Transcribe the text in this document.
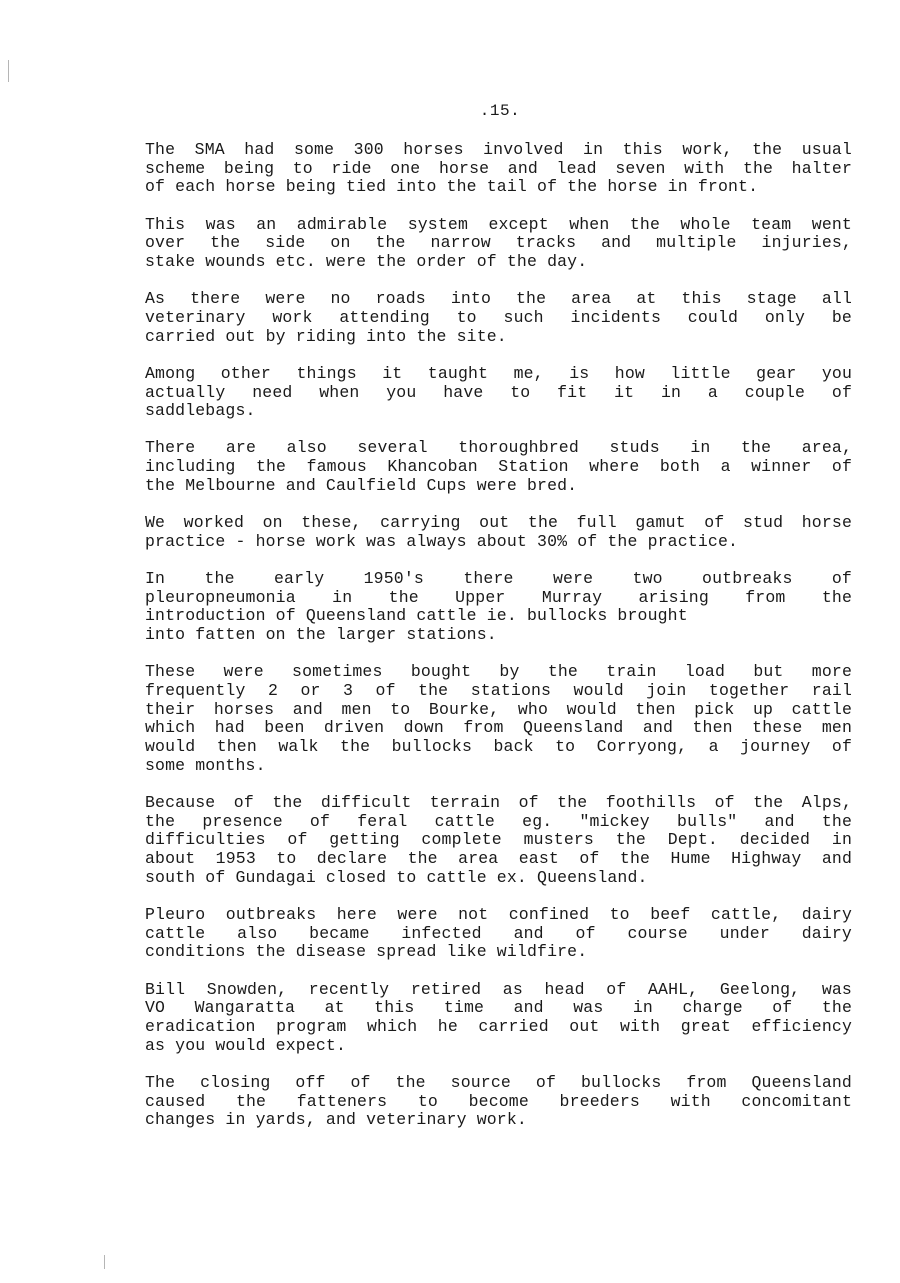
.15.

The SMA had some 300 horses involved in this work, the usual
scheme being to ride one horse and lead seven with the halter
of each horse being tied into the tail of the horse in front.

This was an admirable system except when the whole team went
over the side on the narrow tracks and multiple injuries,
stake wounds etc. were the order of the day.

As there were no roads into the area at this stage all
veterinary work attending to such incidents could only be
carried out by riding into the site.

Among other things it taught me, is how little gear you
actually need when you have to fit it in a couple of
saddlebags.

There are also several thoroughbred studs in the area,
including the famous Khancoban Station where both a winner of
the Melbourne and Caulfield Cups were bred.

We worked on these, carrying out the full gamut of stud horse
practice - horse work was always about 30% of the practice.

In the early 1950's there were two outbreaks of
pleuropneumonia in the Upper Murray arising from the
introduction of Queensland cattle ie. bullocks brought
into fatten on the larger stations.

These were sometimes bought by the train load but more
frequently 2 or 3 of the stations would join together rail
their horses and men to Bourke, who would then pick up cattle
which had been driven down from Queensland and then these men
would then walk the bullocks back to Corryong, a journey of
some months.

Because of the difficult terrain of the foothills of the Alps,
the presence of feral cattle eg. "mickey bulls" and the
difficulties of getting complete musters the Dept. decided in
about 1953 to declare the area east of the Hume Highway and
south of Gundagai closed to cattle ex. Queensland.

Pleuro outbreaks here were not confined to beef cattle, dairy
cattle also became infected and of course under dairy
conditions the disease spread like wildfire.

Bill Snowden, recently retired as head of AAHL, Geelong, was
VO Wangaratta at this time and was in charge of the
eradication program which he carried out with great efficiency
as you would expect.

The closing off of the source of bullocks from Queensland
caused the fatteners to become breeders with concomitant
changes in yards, and veterinary work.
